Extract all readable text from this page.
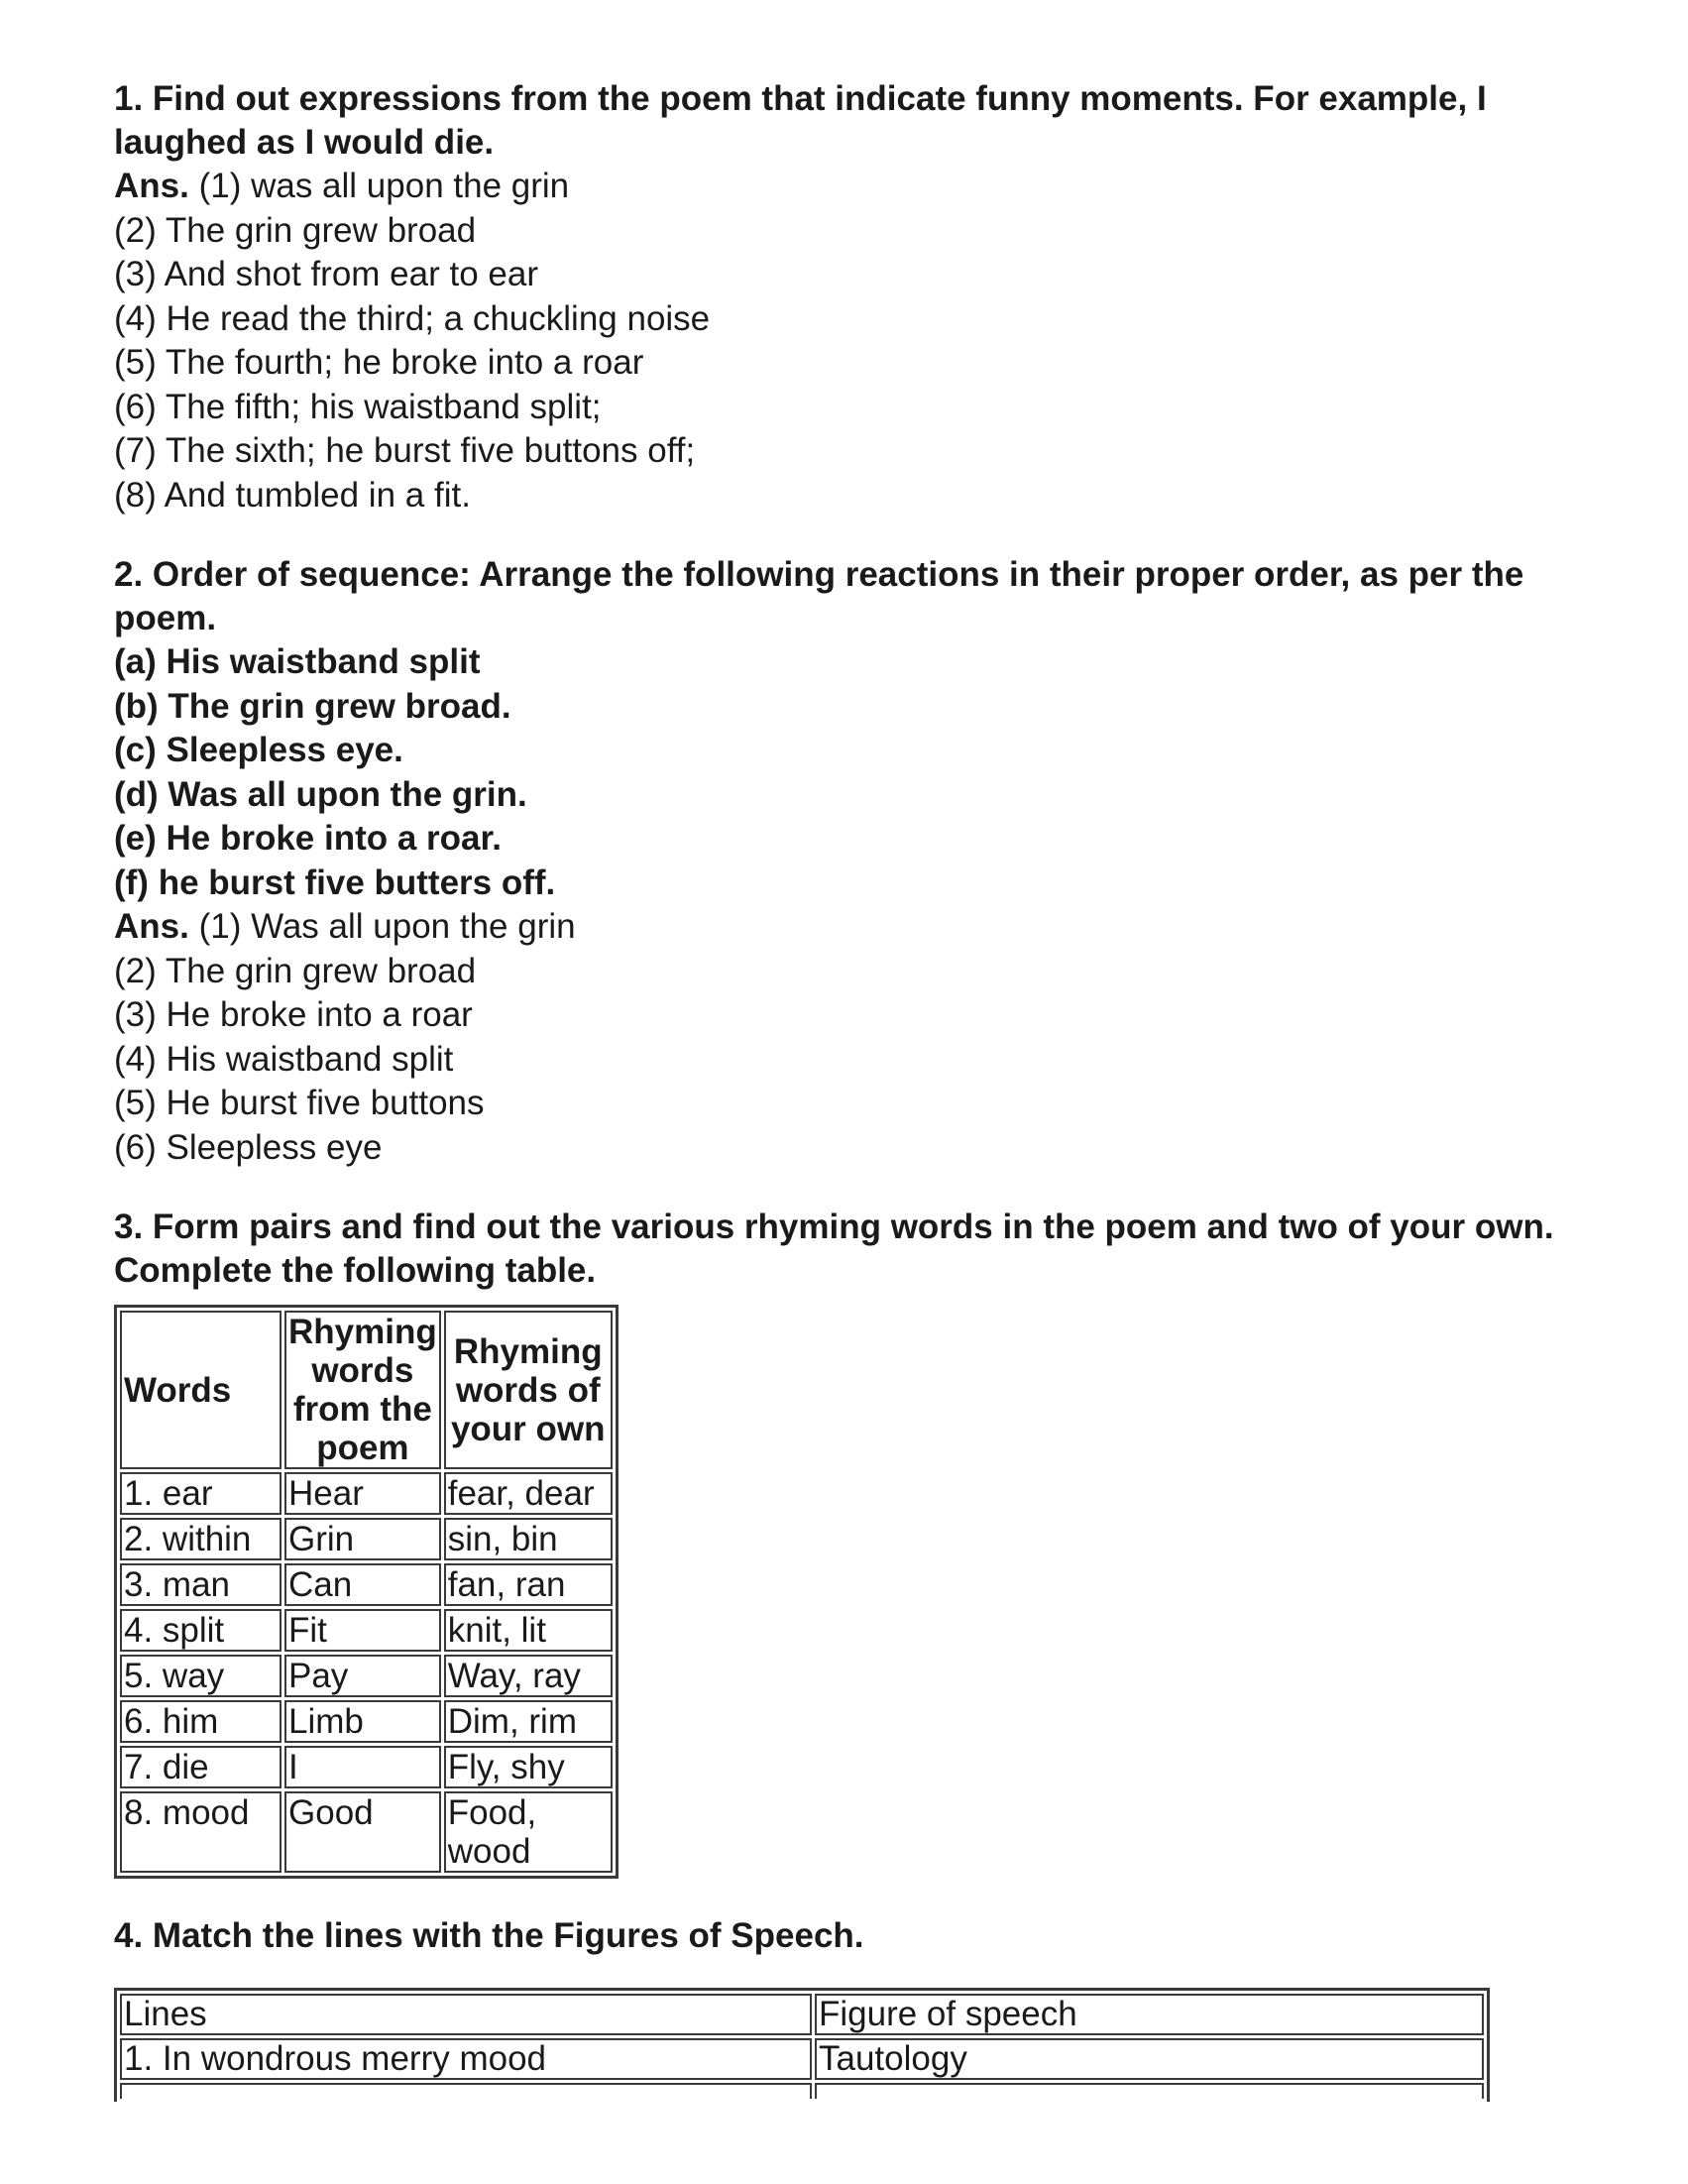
1. Find out expressions from the poem that indicate funny moments. For example, I laughed as I would die.

Ans. (1) was all upon the grin

(2) The grin grew broad

(3) And shot from ear to ear

(4) He read the third; a chuckling noise

(5) The fourth; he broke into a roar

(6) The fifth; his waistband split;

(7) The sixth; he burst five buttons off;

(8) And tumbled in a fit.

2. Order of sequence: Arrange the following reactions in their proper order, as per the poem.

(a) His waistband split

(b) The grin grew broad.

(c) Sleepless eye.

(d) Was all upon the grin.

(e) He broke into a roar.

(f) he burst five butters off.

Ans. (1) Was all upon the grin

(2) The grin grew broad

(3) He broke into a roar

(4) His waistband split

(5) He burst five buttons

(6) Sleepless eye

3. Form pairs and find out the various rhyming words in the poem and two of your own. Complete the following table.

Words	Rhyming words from the poem	Rhyming words of your own
1. ear	Hear	fear, dear
2. within	Grin	sin, bin
3. man	Can	fan, ran
4. split	Fit	knit, lit
5. way	Pay	Way, ray
6. him	Limb	Dim, rim
7. die	I	Fly, shy
8. mood	Good	Food, wood

4. Match the lines with the Figures of Speech.

Lines	Figure of speech
1. In wondrous merry mood	Tautology
